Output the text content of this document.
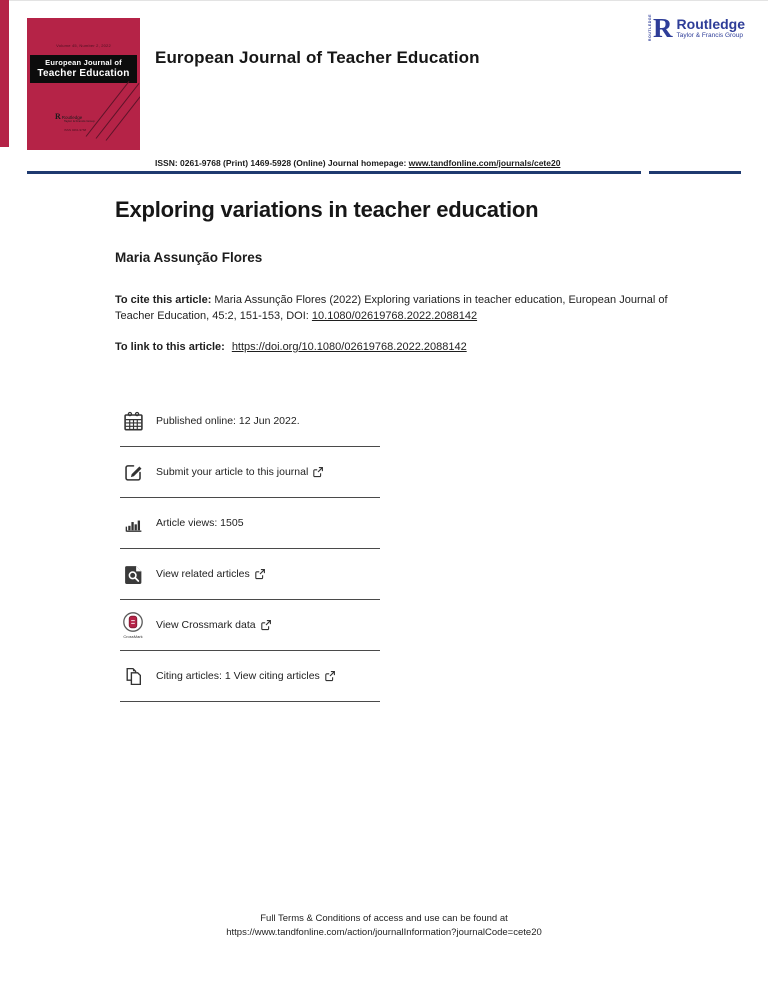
Volume 45, Number 2, 2022
European Journal of
Teacher Education
RRoutledge
Taylor & Francis Group
ISSN 0261-9768
European Journal of Teacher Education
ROUTLEDGE R Routledge
Taylor & Francis Group
ISSN: 0261-9768 (Print) 1469-5928 (Online) Journal homepage: www.tandfonline.com/journals/cete20
Exploring variations in teacher education
Maria Assunção Flores
To cite this article: Maria Assunção Flores (2022) Exploring variations in teacher education, European Journal of Teacher Education, 45:2, 151-153, DOI: 10.1080/02619768.2022.2088142
To link to this article: https://doi.org/10.1080/02619768.2022.2088142
Published online: 12 Jun 2022.
Submit your article to this journal
Article views: 1505
View related articles
CrossMark
View Crossmark data
Citing articles: 1 View citing articles
Full Terms & Conditions of access and use can be found at
https://www.tandfonline.com/action/journalInformation?journalCode=cete20
